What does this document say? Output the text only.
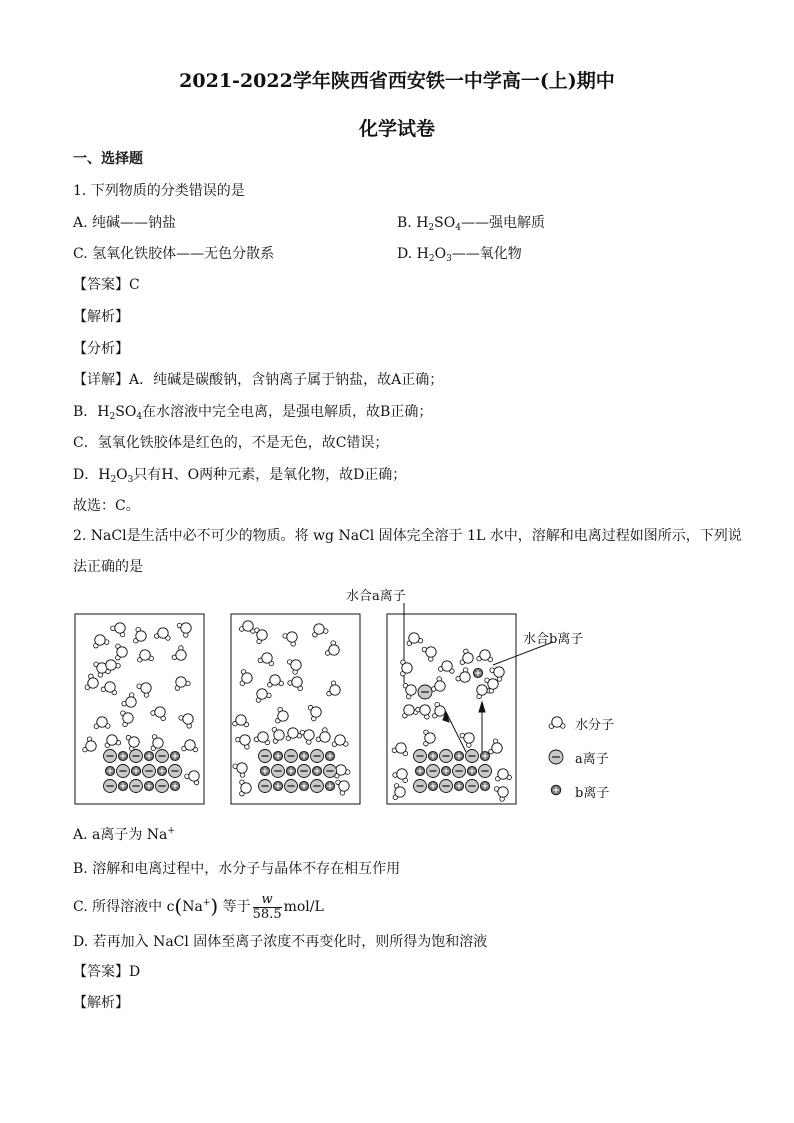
2021-2022学年陕西省西安铁一中学高一(上)期中
化学试卷
一、选择题
1. 下列物质的分类错误的是
A. 纯碱——钠盐	B. $H_2SO_4——$强电解质
C. 氢氧化铁胶体——无色分散系	D. $H_2O_3——$氧化物
【答案】C
【解析】
【分析】
【详解】A．纯碱是碳酸钠，含钠离子属于钠盐，故A正确；
B．$H_2SO_4$在水溶液中完全电离，是强电解质，故B正确；
C．氢氧化铁胶体是红色的，不是无色，故C错误；
D．$H_2O_3$只有H、O两种元素，是氧化物，故D正确；
故选：C。
2. NaCl是生活中必不可少的物质。将 wg NaCl 固体完全溶于 1L 水中，溶解和电离过程如图所示，下列说
法正确的是
水合a离子
水合b离子
水分子
a离子
b离子
A. a离子为 Na+
B. 溶解和电离过程中，水分子与晶体不存在相互作用
C. 所得溶液中 c(Na+) 等于 $\frac{w}{58.5} mol/L$
D. 若再加入 NaCl 固体至离子浓度不再变化时，则所得为饱和溶液
【答案】D
【解析】
